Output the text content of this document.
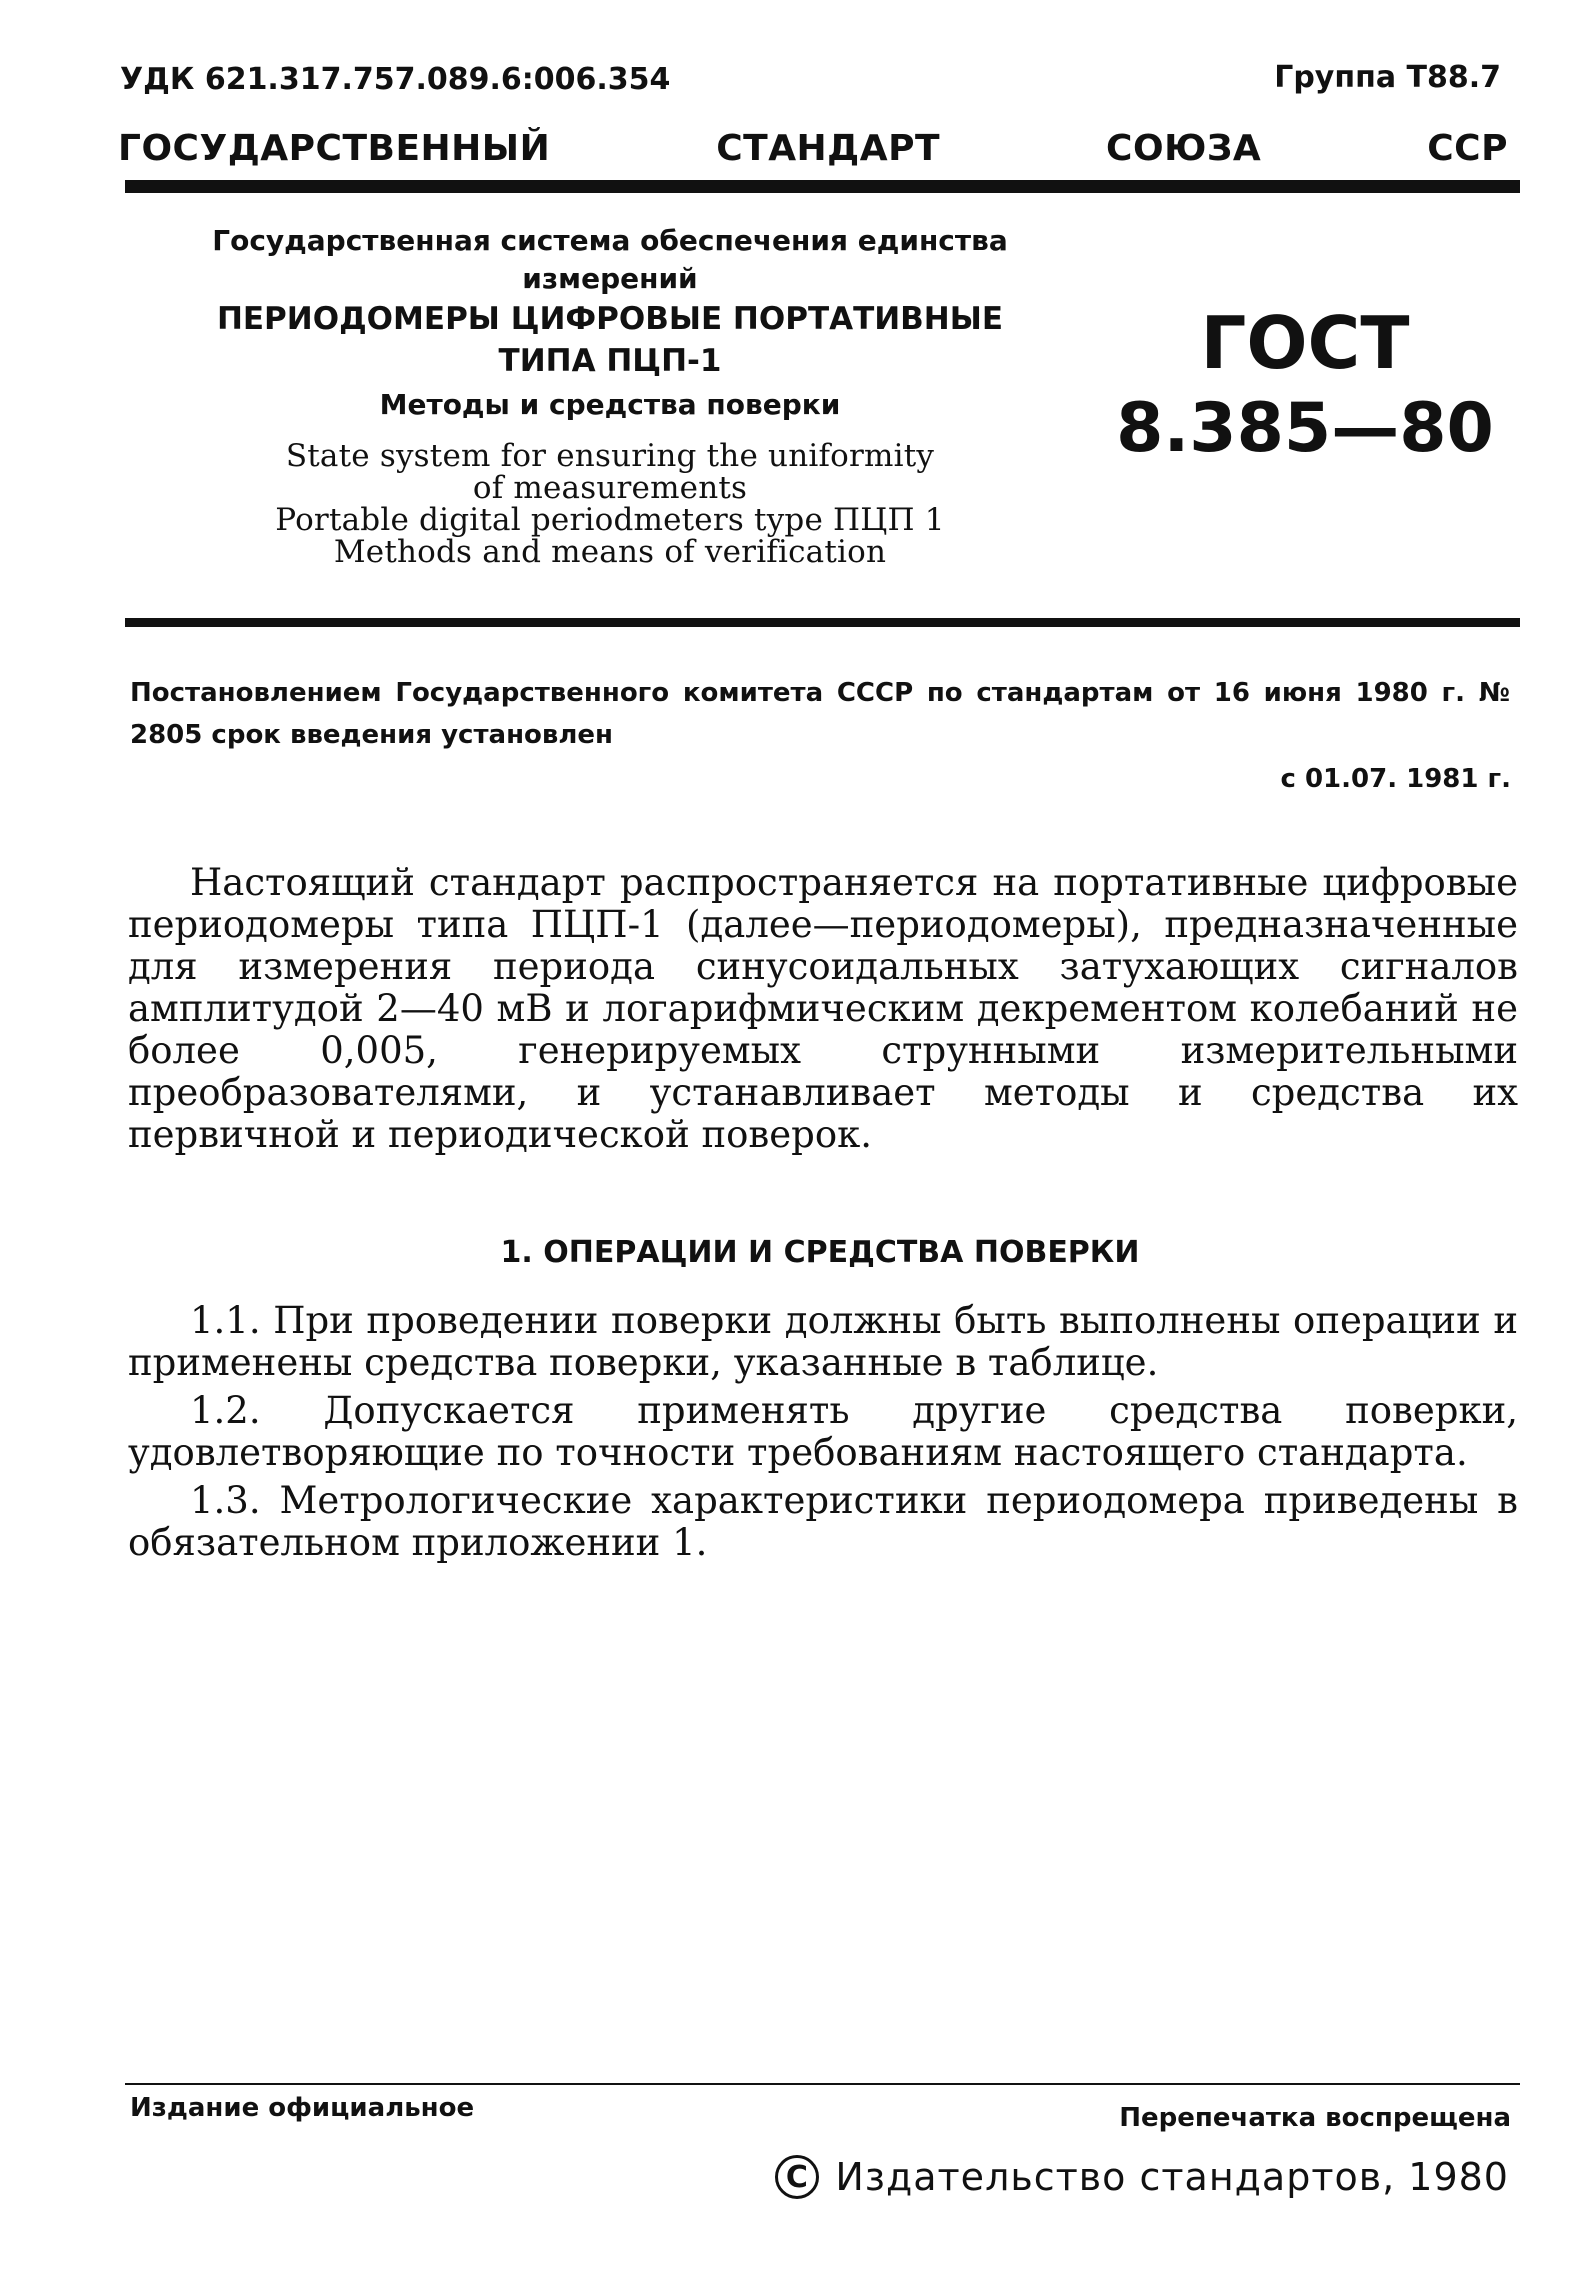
УДК 621.317.757.089.6:006.354	Группа Т88.7
ГОСУДАРСТВЕННЫЙ	СТАНДАРТ	СОЮЗА	ССР
Государственная система обеспечения единства
измерений
ПЕРИОДОМЕРЫ ЦИФРОВЫЕ ПОРТАТИВНЫЕ
ТИПА ПЦП-1
Методы и средства поверки
State system for ensuring the uniformity
of measurements
Portable digital periodmeters type ПЦП 1
Methods and means of verification
ГОСТ
8.385—80
Постановлением Государственного комитета СССР по стандартам от 16 июня 1980 г. № 2805 срок введения установлен
с 01.07. 1981 г.
Настоящий стандарт распространяется на портативные цифровые периодомеры типа ПЦП-1 (далее—периодомеры), предназначенные для измерения периода синусоидальных затухающих сигналов амплитудой 2—40 мВ и логарифмическим декрементом колебаний не более 0,005, генерируемых струнными измерительными преобразователями, и устанавливает методы и средства их первичной и периодической поверок.
1. ОПЕРАЦИИ И СРЕДСТВА ПОВЕРКИ
1.1. При проведении поверки должны быть выполнены операции и применены средства поверки, указанные в таблице.
1.2. Допускается применять другие средства поверки, удовлетворяющие по точности требованиям настоящего стандарта.
1.3. Метрологические характеристики периодомера приведены в обязательном приложении 1.
Издание официальное	Перепечатка воспрещена
C Издательство стандартов, 1980
